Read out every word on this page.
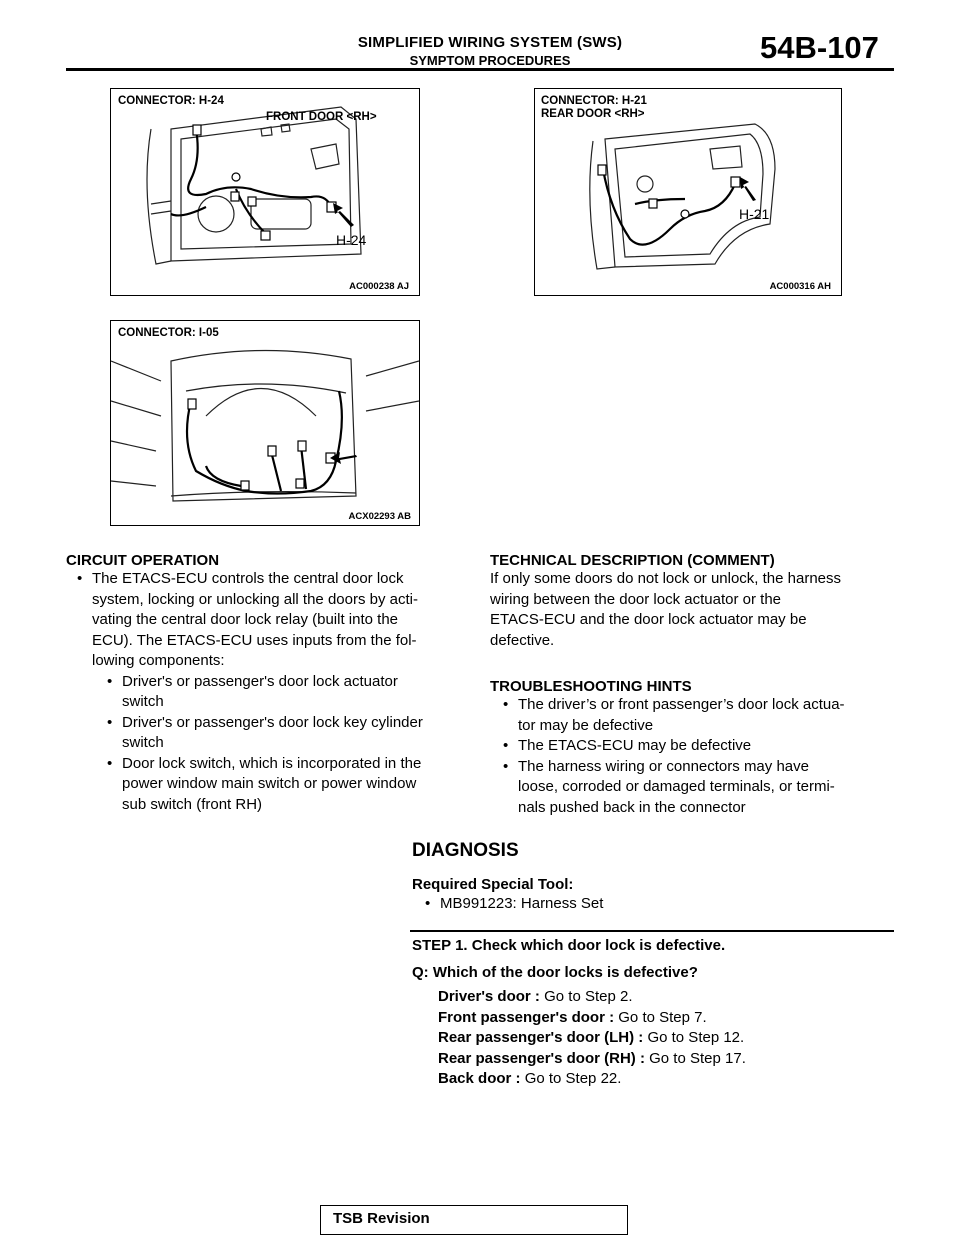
SIMPLIFIED WIRING SYSTEM (SWS)
SYMPTOM PROCEDURES	54B-107
CONNECTOR: H-24
FRONT DOOR <RH>
H-24
AC000238 AJ
CONNECTOR: H-21
REAR DOOR <RH>
H-21
AC000316 AH
CONNECTOR: I-05
ACX02293 AB
CIRCUIT OPERATION
• The ETACS-ECU controls the central door lock
system, locking or unlocking all the doors by acti-
vating the central door lock relay (built into the
ECU). The ETACS-ECU uses inputs from the fol-
lowing components:
• Driver's or passenger's door lock actuator
switch
• Driver's or passenger's door lock key cylinder
switch
• Door lock switch, which is incorporated in the
power window main switch or power window
sub switch (front RH)
TECHNICAL DESCRIPTION (COMMENT)
If only some doors do not lock or unlock, the harness
wiring between the door lock actuator or the
ETACS-ECU and the door lock actuator may be
defective.
TROUBLESHOOTING HINTS
• The driver’s or front passenger’s door lock actua-
tor may be defective
• The ETACS-ECU may be defective
• The harness wiring or connectors may have
loose, corroded or damaged terminals, or termi-
nals pushed back in the connector
DIAGNOSIS
Required Special Tool:
• MB991223: Harness Set
STEP 1. Check which door lock is defective.
Q: Which of the door locks is defective?
Driver's door : Go to Step 2.
Front passenger's door : Go to Step 7.
Rear passenger's door (LH) : Go to Step 12.
Rear passenger's door (RH) : Go to Step 17.
Back door : Go to Step 22.
TSB Revision
